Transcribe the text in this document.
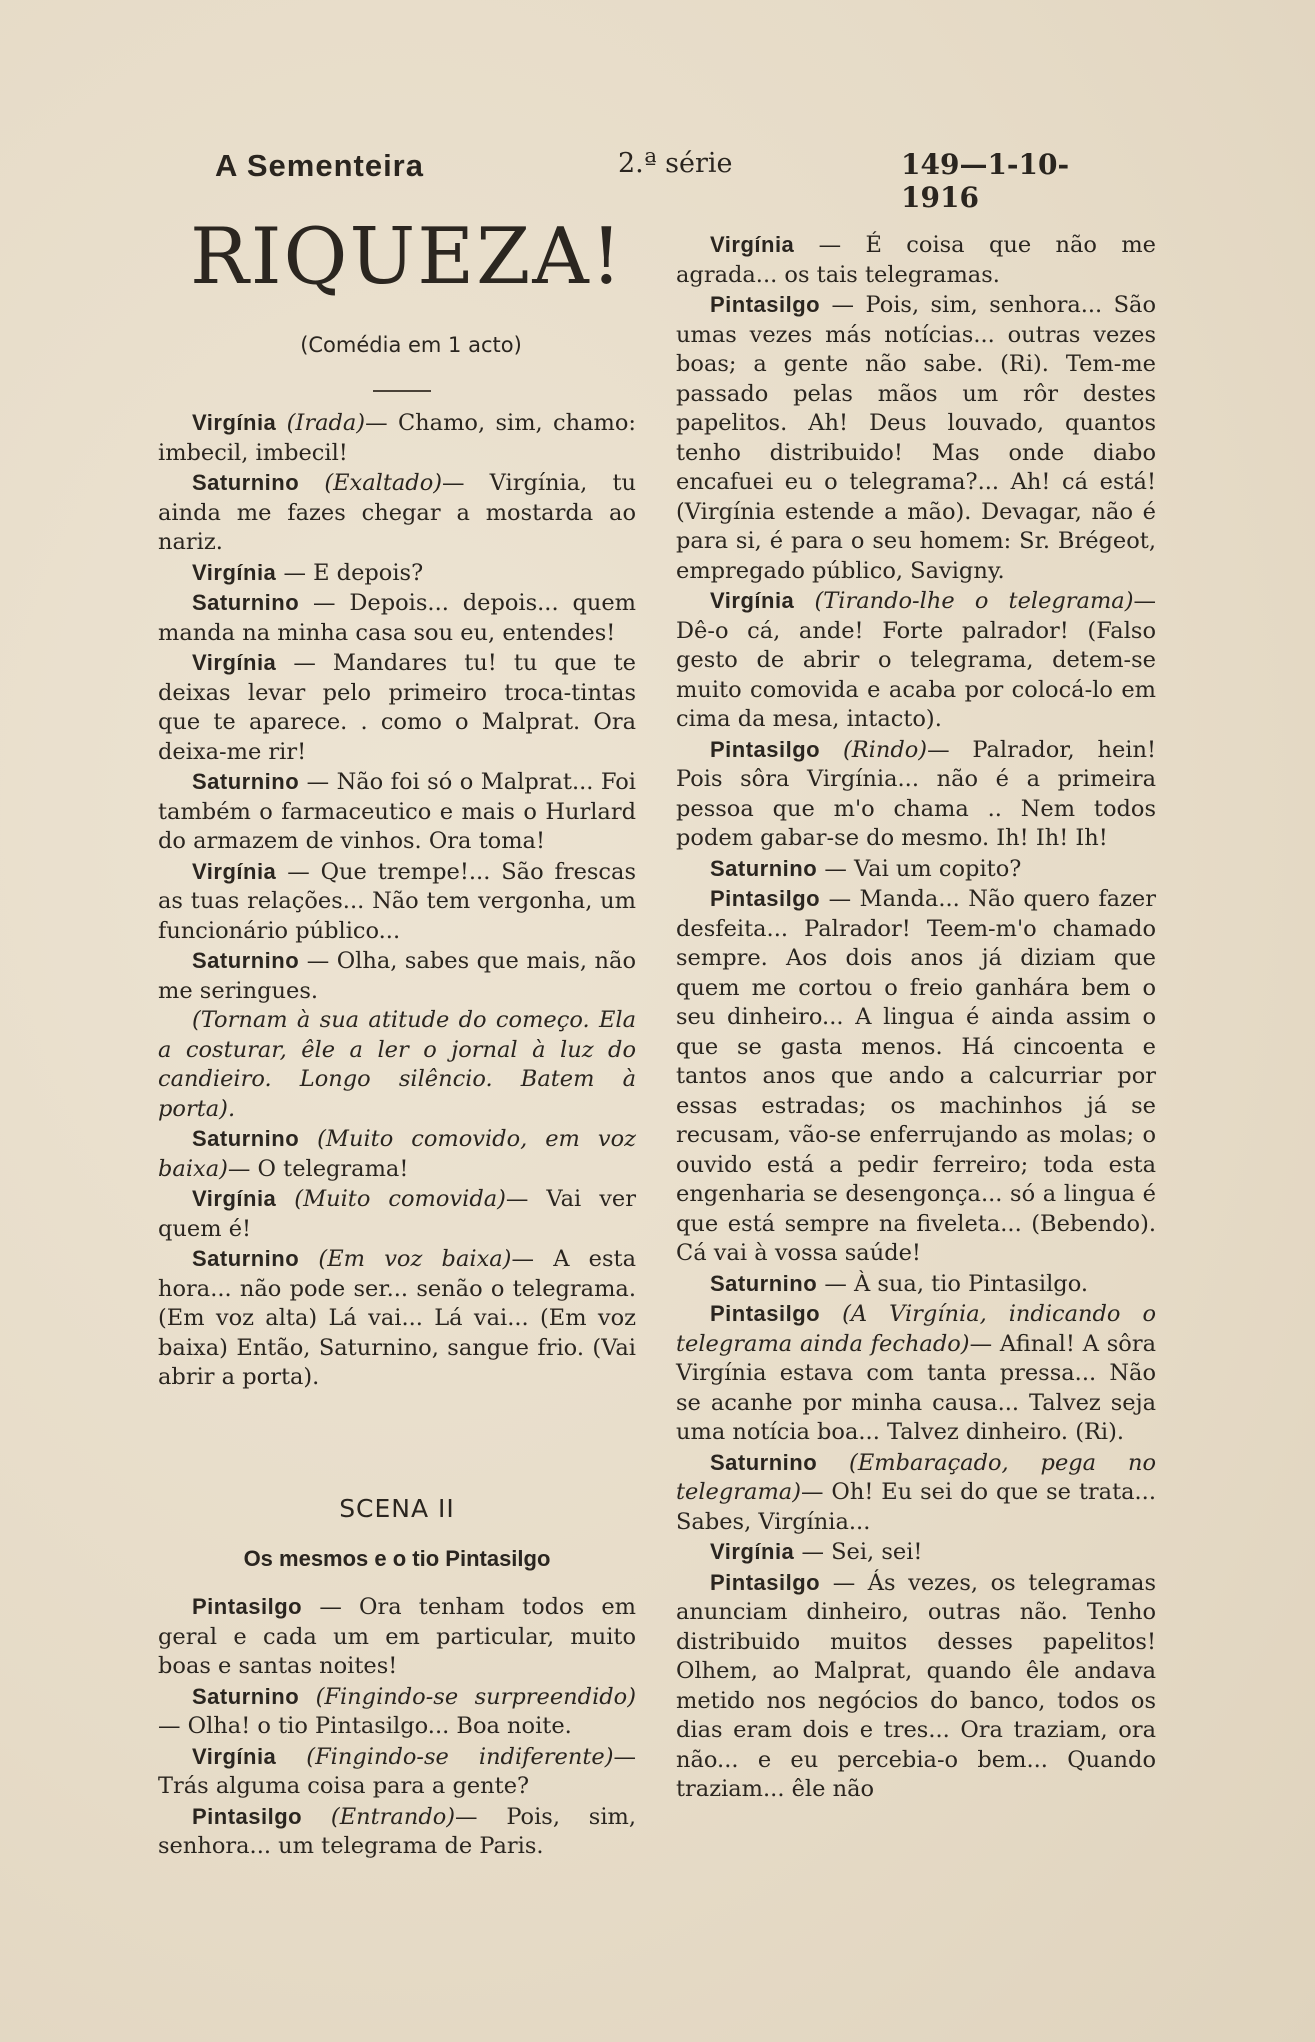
A Sementeira	2.ª série	149—1-10-1916
RIQUEZA!
(Comédia em 1 acto)

Virgínia (Irada)— Chamo, sim, chamo: imbecil, imbecil!

Saturnino (Exaltado)— Virgínia, tu ainda me fazes chegar a mostarda ao nariz.

Virgínia — E depois?

Saturnino — Depois... depois... quem manda na minha casa sou eu, entendes!

Virgínia — Mandares tu! tu que te deixas levar pelo primeiro troca-tintas que te aparece. . como o Malprat. Ora deixa-me rir!

Saturnino — Não foi só o Malprat... Foi também o farmaceutico e mais o Hurlard do armazem de vinhos. Ora toma!

Virgínia — Que trempe!... São frescas as tuas relações... Não tem vergonha, um funcionário público...

Saturnino — Olha, sabes que mais, não me seringues.

(Tornam à sua atitude do começo. Ela a costurar, êle a ler o jornal à luz do candieiro. Longo silêncio. Batem à porta).

Saturnino (Muito comovido, em voz baixa)— O telegrama!

Virgínia (Muito comovida)— Vai ver quem é!

Saturnino (Em voz baixa)— A esta hora... não pode ser... senão o telegrama. (Em voz alta) Lá vai... Lá vai... (Em voz baixa) Então, Saturnino, sangue frio. (Vai abrir a porta).

SCENA II
Os mesmos e o tio Pintasilgo

Pintasilgo — Ora tenham todos em geral e cada um em particular, muito boas e santas noites!

Saturnino (Fingindo-se surpreendido)— Olha! o tio Pintasilgo... Boa noite.

Virgínia (Fingindo-se indiferente)— Trás alguma coisa para a gente?

Pintasilgo (Entrando)— Pois, sim, senhora... um telegrama de Paris.

Virgínia — É coisa que não me agrada... os tais telegramas.

Pintasilgo — Pois, sim, senhora... São umas vezes más notícias... outras vezes boas; a gente não sabe. (Ri). Tem-me passado pelas mãos um rôr destes papelitos. Ah! Deus louvado, quantos tenho distribuido! Mas onde diabo encafuei eu o telegrama?... Ah! cá está! (Virgínia estende a mão). Devagar, não é para si, é para o seu homem: Sr. Brégeot, empregado público, Savigny.

Virgínia (Tirando-lhe o telegrama)— Dê-o cá, ande! Forte palrador! (Falso gesto de abrir o telegrama, detem-se muito comovida e acaba por colocá-lo em cima da mesa, intacto).

Pintasilgo (Rindo)— Palrador, hein! Pois sôra Virgínia... não é a primeira pessoa que m'o chama .. Nem todos podem gabar-se do mesmo. Ih! Ih! Ih!

Saturnino — Vai um copito?

Pintasilgo — Manda... Não quero fazer desfeita... Palrador! Teem-m'o chamado sempre. Aos dois anos já diziam que quem me cortou o freio ganhára bem o seu dinheiro... A lingua é ainda assim o que se gasta menos. Há cincoenta e tantos anos que ando a calcurriar por essas estradas; os machinhos já se recusam, vão-se enferrujando as molas; o ouvido está a pedir ferreiro; toda esta engenharia se desengonça... só a lingua é que está sempre na fiveleta... (Bebendo). Cá vai à vossa saúde!

Saturnino — À sua, tio Pintasilgo.

Pintasilgo (A Virgínia, indicando o telegrama ainda fechado)— Afinal! A sôra Virgínia estava com tanta pressa... Não se acanhe por minha causa... Talvez seja uma notícia boa... Talvez dinheiro. (Ri).

Saturnino (Embaraçado, pega no telegrama)— Oh! Eu sei do que se trata... Sabes, Virgínia...

Virgínia — Sei, sei!

Pintasilgo — Ás vezes, os telegramas anunciam dinheiro, outras não. Tenho distribuido muitos desses papelitos! Olhem, ao Malprat, quando êle andava metido nos negócios do banco, todos os dias eram dois e tres... Ora traziam, ora não... e eu percebia-o bem... Quando traziam... êle não
